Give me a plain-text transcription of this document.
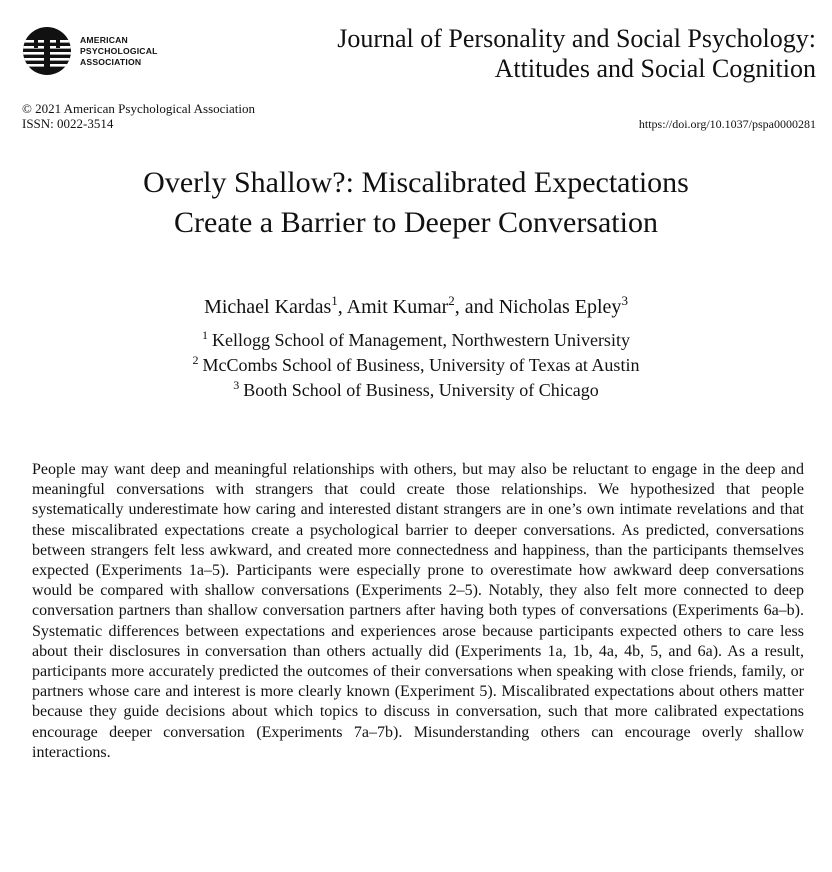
AMERICAN
PSYCHOLOGICAL
ASSOCIATION
Journal of Personality and Social Psychology:
Attitudes and Social Cognition
© 2021 American Psychological Association
ISSN: 0022-3514	https://doi.org/10.1037/pspa0000281
Overly Shallow?: Miscalibrated Expectations
Create a Barrier to Deeper Conversation
Michael Kardas$^1$, Amit Kumar$^2$, and Nicholas Epley$^3$
$^1$ Kellogg School of Management, Northwestern University
$^2$ McCombs School of Business, University of Texas at Austin
$^3$ Booth School of Business, University of Chicago

People may want deep and meaningful relationships with others, but may also be reluctant to engage in the deep and meaningful conversations with strangers that could create those relationships. We hypothesized that people systematically underestimate how caring and interested distant strangers are in one’s own intimate revelations and that these miscalibrated expectations create a psychological barrier to deeper conversations. As predicted, conversations between strangers felt less awkward, and created more connectedness and happiness, than the participants themselves expected (Experiments 1a–5). Participants were especially prone to overestimate how awkward deep conversations would be compared with shallow conversations (Experiments 2–5). Notably, they also felt more connected to deep conversation partners than shallow conversation partners after having both types of conversations (Experiments 6a–b). Systematic differences between expectations and experiences arose because participants expected others to care less about their disclosures in conversation than others actually did (Experiments 1a, 1b, 4a, 4b, 5, and 6a). As a result, participants more accurately predicted the outcomes of their conversations when speaking with close friends, family, or partners whose care and interest is more clearly known (Experiment 5). Miscalibrated expectations about others matter because they guide decisions about which topics to discuss in conversation, such that more calibrated expectations encourage deeper conversation (Experiments 7a–7b). Misunderstanding others can encourage overly shallow interactions.
